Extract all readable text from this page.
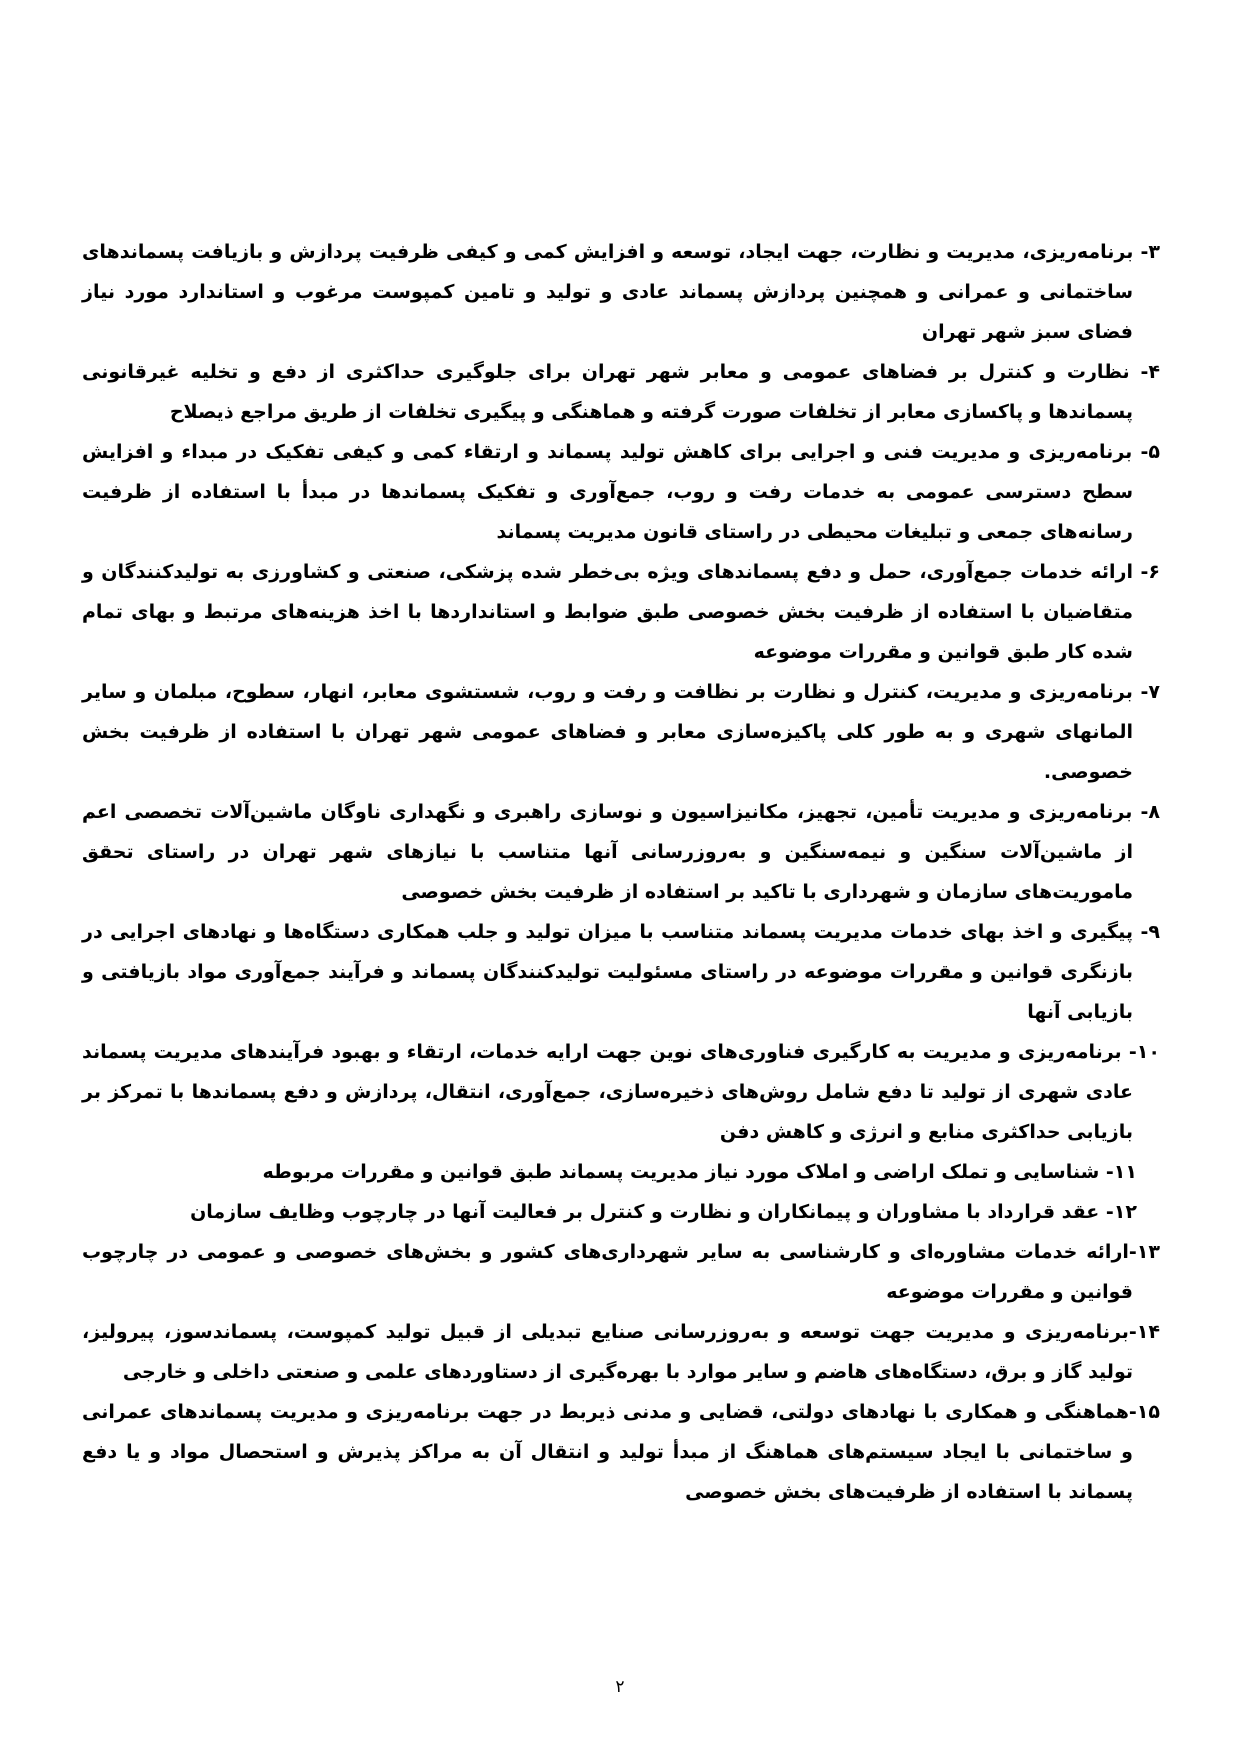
۳- برنامه‌ریزی، مدیریت و نظارت، جهت ایجاد، توسعه و افزایش کمی و کیفی ظرفیت پردازش و بازیافت پسماندهای ساختمانی و عمرانی و همچنین پردازش پسماند عادی و تولید و تامین کمپوست مرغوب و استاندارد مورد نیاز فضای سبز شهر تهران

۴- نظارت و کنترل بر فضاهای عمومی و معابر شهر تهران برای جلوگیری حداکثری از دفع و تخلیه غیرقانونی پسماندها و پاکسازی معابر از تخلفات صورت گرفته و هماهنگی و پیگیری تخلفات از طریق مراجع ذیصلاح

۵- برنامه‌ریزی و مدیریت فنی و اجرایی برای کاهش تولید پسماند و ارتقاء کمی و کیفی تفکیک در مبداء و افزایش سطح دسترسی عمومی به خدمات رفت و روب، جمع‌آوری و تفکیک پسماندها در مبدأ با استفاده از ظرفیت رسانه‌های جمعی و تبلیغات محیطی در راستای قانون مدیریت پسماند

۶- ارائه خدمات جمع‌آوری، حمل و دفع پسماندهای ویژه بی‌خطر شده پزشکی، صنعتی و کشاورزی به تولیدکنندگان و متقاضیان با استفاده از ظرفیت بخش خصوصی طبق ضوابط و استانداردها با اخذ هزینه‌های مرتبط و بهای تمام شده کار طبق قوانین و مقررات موضوعه

۷- برنامه‌ریزی و مدیریت، کنترل و نظارت بر نظافت و رفت و روب، شستشوی معابر، انهار، سطوح، مبلمان و سایر المانهای شهری و به طور کلی پاکیزه‌سازی معابر و فضاهای عمومی شهر تهران با استفاده از ظرفیت بخش خصوصی.

۸- برنامه‌ریزی و مدیریت تأمین، تجهیز، مکانیزاسیون و نوسازی راهبری و نگهداری ناوگان ماشین‌آلات تخصصی اعم از ماشین‌آلات سنگین و نیمه‌سنگین و به‌روزرسانی آنها متناسب با نیازهای شهر تهران در راستای تحقق ماموریت‌های سازمان و شهرداری با تاکید بر استفاده از ظرفیت بخش خصوصی

۹- پیگیری و اخذ بهای خدمات مدیریت پسماند متناسب با میزان تولید و جلب همکاری دستگاه‌ها و نهادهای اجرایی در بازنگری قوانین و مقررات موضوعه در راستای مسئولیت تولیدکنندگان پسماند و فرآیند جمع‌آوری مواد بازیافتی و بازیابی آنها

۱۰- برنامه‌ریزی و مدیریت به کارگیری فناوری‌های نوین جهت ارایه خدمات، ارتقاء و بهبود فرآیندهای مدیریت پسماند عادی شهری از تولید تا دفع شامل روش‌های ذخیره‌سازی، جمع‌آوری، انتقال، پردازش و دفع پسماندها با تمرکز بر بازیابی حداکثری منابع و انرژی و کاهش دفن

۱۱- شناسایی و تملک اراضی و املاک مورد نیاز مدیریت پسماند طبق قوانین و مقررات مربوطه

۱۲- عقد قرارداد با مشاوران و پیمانکاران و نظارت و کنترل بر فعالیت آنها در چارچوب وظایف سازمان

۱۳-ارائه خدمات مشاوره‌ای و کارشناسی به سایر شهرداری‌های کشور و بخش‌های خصوصی و عمومی در چارچوب قوانین و مقررات موضوعه

۱۴-برنامه‌ریزی و مدیریت جهت توسعه و به‌روزرسانی صنایع تبدیلی از قبیل تولید کمپوست، پسماندسوز، پیرولیز، تولید گاز و برق، دستگاه‌های هاضم و سایر موارد با بهره‌گیری از دستاوردهای علمی و صنعتی داخلی و خارجی

۱۵-هماهنگی و همکاری با نهادهای دولتی، قضایی و مدنی ذیربط در جهت برنامه‌ریزی و مدیریت پسماندهای عمرانی و ساختمانی با ایجاد سیستم‌های هماهنگ از مبدأ تولید و انتقال آن به مراکز پذیرش و استحصال مواد و یا دفع پسماند با استفاده از ظرفیت‌های بخش خصوصی

۲
